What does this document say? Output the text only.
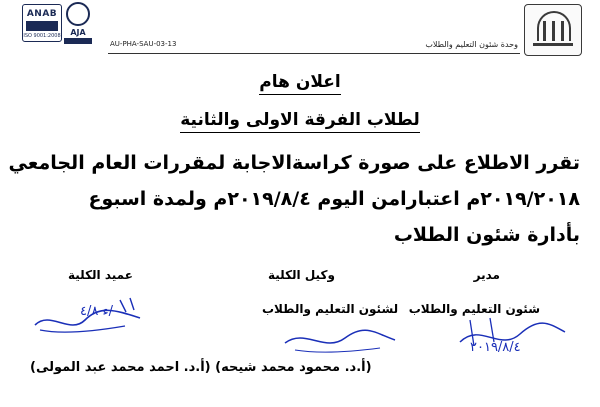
ANAB
ISO 9001:2008	AJA
AU-PHA-SAU-03-13	وحدة شئون التعليم والطلاب
اعلان هام
لطلاب الفرقة الاولى والثانية
تقرر الاطلاع على صورة كراسةالاجابة لمقررات العام الجامعي
٢٠١٩/٢٠١٨م اعتبارامن اليوم ٢٠١٩/٨/٤م ولمدة اسبوع
بأدارة شئون الطلاب
مدير
شئون التعليم والطلاب
وكيل الكلية
لشئون التعليم والطلاب
عميد الكلية
ء ٤/٨/
٢٠١٩/٨/٤
(أ.د. محمود محمد شيحه) (أ.د. احمد محمد عبد المولى)
